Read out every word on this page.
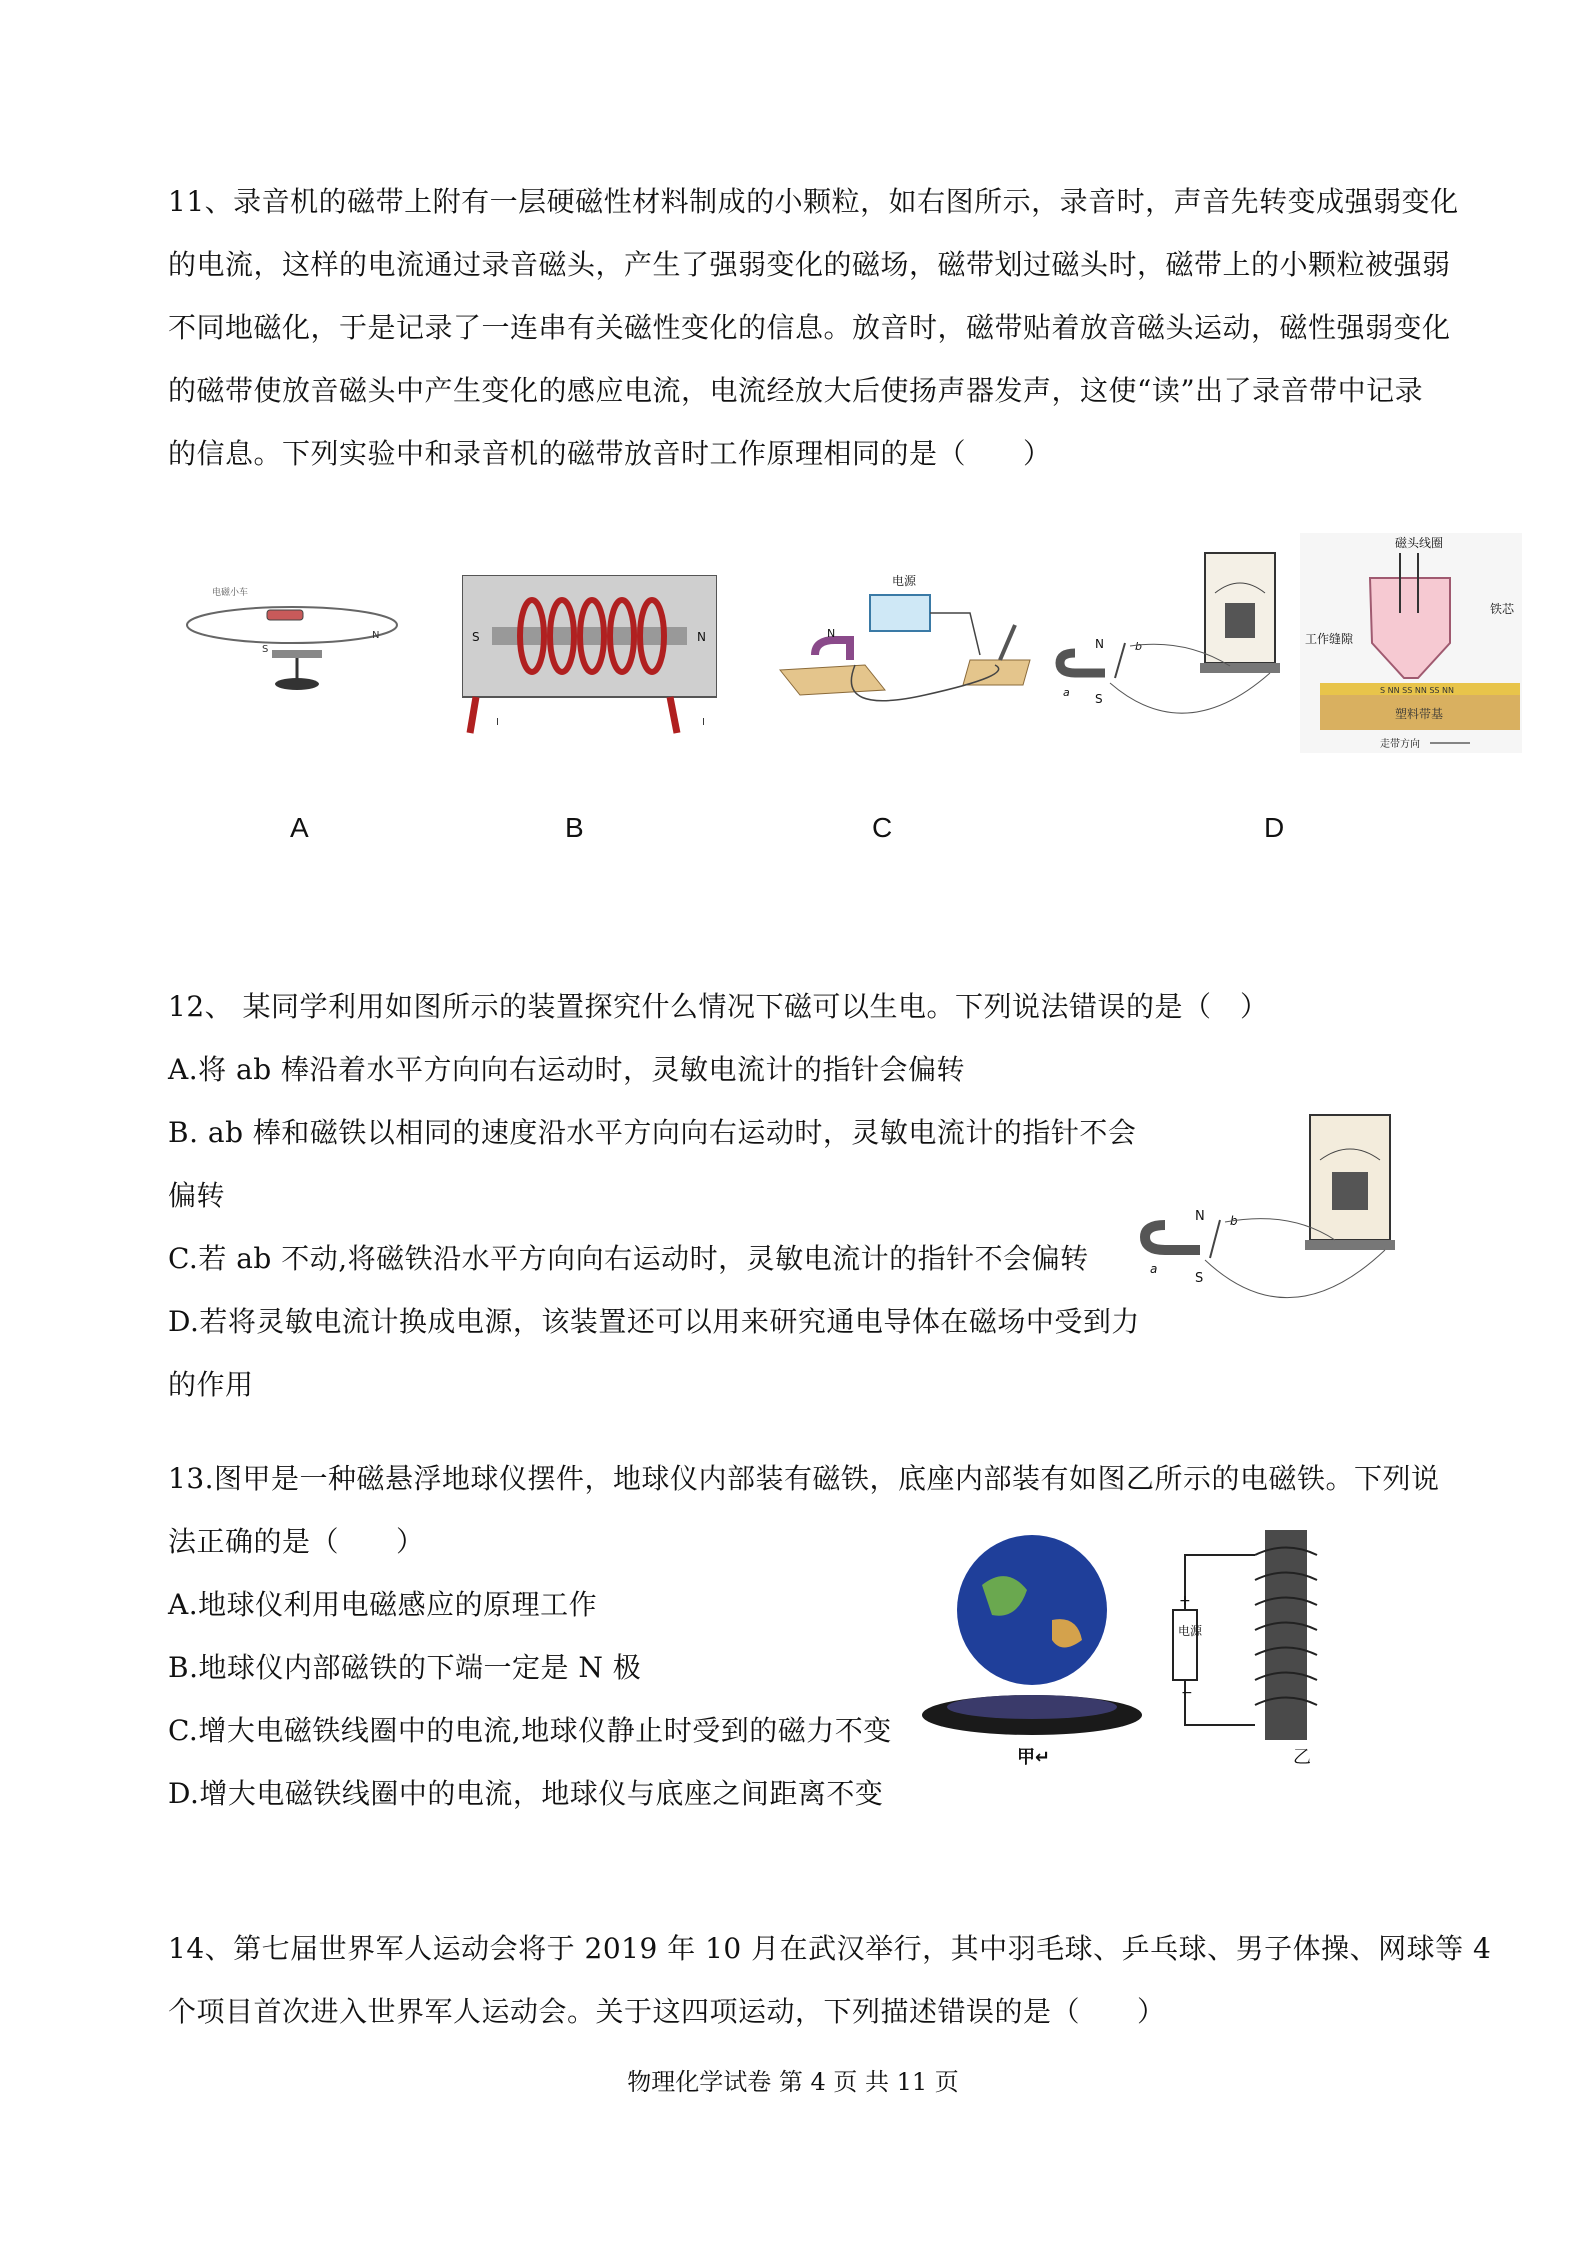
11、录音机的磁带上附有一层硬磁性材料制成的小颗粒，如右图所示，录音时，声音先转变成强弱变化
的电流，这样的电流通过录音磁头，产生了强弱变化的磁场，磁带划过磁头时，磁带上的小颗粒被强弱
不同地磁化，于是记录了一连串有关磁性变化的信息。放音时，磁带贴着放音磁头运动，磁性强弱变化
的磁带使放音磁头中产生变化的感应电流，电流经放大后使扬声器发声，这使“读”出了录音带中记录
的信息。下列实验中和录音机的磁带放音时工作原理相同的是（　　）
电磁小车
S
N	S	N
I	I
电源
N
N
S
b
a
磁头线圈
铁芯
工作缝隙
S NN SS NN SS NN
塑料带基
走带方向
A	B	C	D
12、 某同学利用如图所示的装置探究什么情况下磁可以生电。下列说法错误的是（　）
A.将 ab 棒沿着水平方向向右运动时，灵敏电流计的指针会偏转
B. ab 棒和磁铁以相同的速度沿水平方向向右运动时，灵敏电流计的指针不会
偏转
C.若 ab 不动,将磁铁沿水平方向向右运动时，灵敏电流计的指针不会偏转
D.若将灵敏电流计换成电源，该装置还可以用来研究通电导体在磁场中受到力
的作用
N
S
b
a
13.图甲是一种磁悬浮地球仪摆件，地球仪内部装有磁铁，底座内部装有如图乙所示的电磁铁。下列说
法正确的是（　　）
A.地球仪利用电磁感应的原理工作
B.地球仪内部磁铁的下端一定是 N 极
C.增大电磁铁线圈中的电流,地球仪静止时受到的磁力不变
D.增大电磁铁线圈中的电流，地球仪与底座之间距离不变
甲↵
电源
+
−
乙
14、第七届世界军人运动会将于 2019 年 10 月在武汉举行，其中羽毛球、乒乓球、男子体操、网球等 4
个项目首次进入世界军人运动会。关于这四项运动，下列描述错误的是（　　）
物理化学试卷 第 4 页 共 11 页
